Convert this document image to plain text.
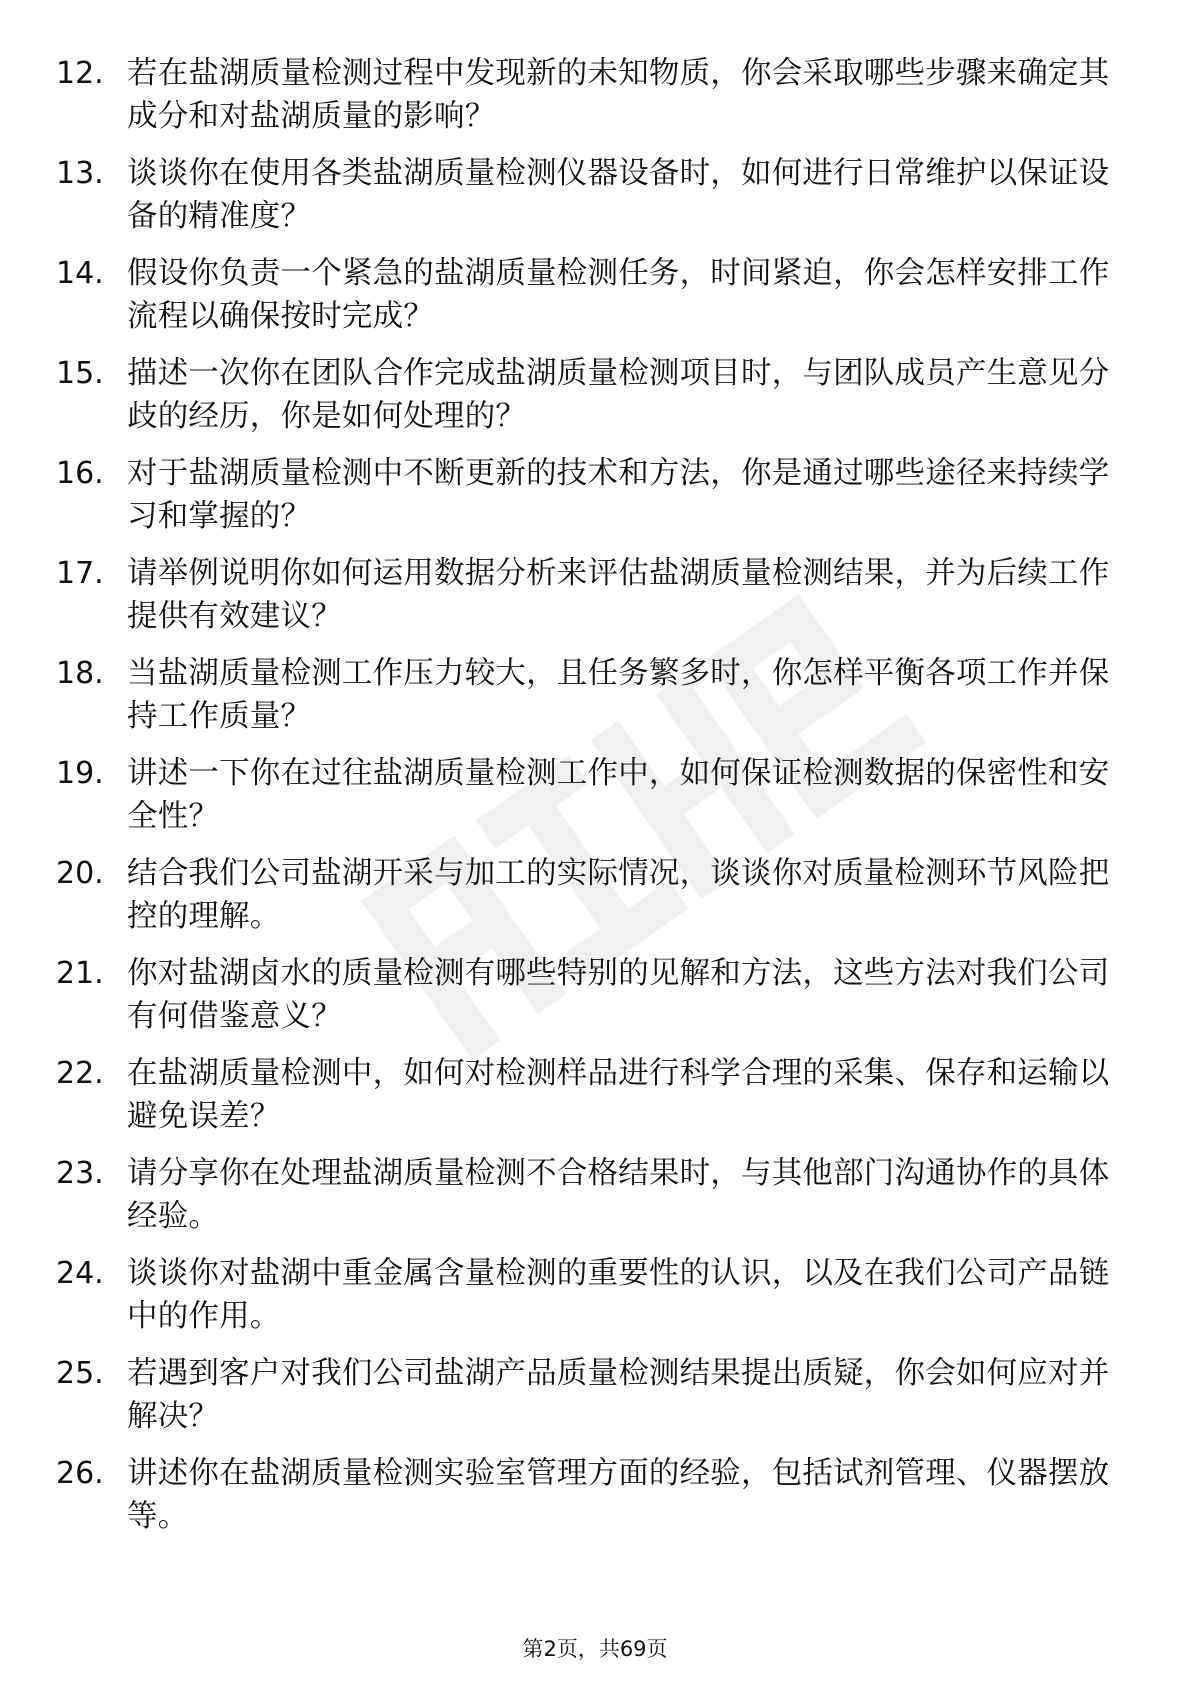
12. 若在盐湖质量检测过程中发现新的未知物质，你会采取哪些步骤来确定其成分和对盐湖质量的影响？
13. 谈谈你在使用各类盐湖质量检测仪器设备时，如何进行日常维护以保证设备的精准度？
14. 假设你负责一个紧急的盐湖质量检测任务，时间紧迫，你会怎样安排工作流程以确保按时完成？
15. 描述一次你在团队合作完成盐湖质量检测项目时，与团队成员产生意见分歧的经历，你是如何处理的？
16. 对于盐湖质量检测中不断更新的技术和方法，你是通过哪些途径来持续学习和掌握的？
17. 请举例说明你如何运用数据分析来评估盐湖质量检测结果，并为后续工作提供有效建议？
18. 当盐湖质量检测工作压力较大，且任务繁多时，你怎样平衡各项工作并保持工作质量？
19. 讲述一下你在过往盐湖质量检测工作中，如何保证检测数据的保密性和安全性？
20. 结合我们公司盐湖开采与加工的实际情况，谈谈你对质量检测环节风险把控的理解。
21. 你对盐湖卤水的质量检测有哪些特别的见解和方法，这些方法对我们公司有何借鉴意义？
22. 在盐湖质量检测中，如何对检测样品进行科学合理的采集、保存和运输以避免误差？
23. 请分享你在处理盐湖质量检测不合格结果时，与其他部门沟通协作的具体经验。
24. 谈谈你对盐湖中重金属含量检测的重要性的认识，以及在我们公司产品链中的作用。
25. 若遇到客户对我们公司盐湖产品质量检测结果提出质疑，你会如何应对并解决？
26. 讲述你在盐湖质量检测实验室管理方面的经验，包括试剂管理、仪器摆放等。
第2页，共69页
